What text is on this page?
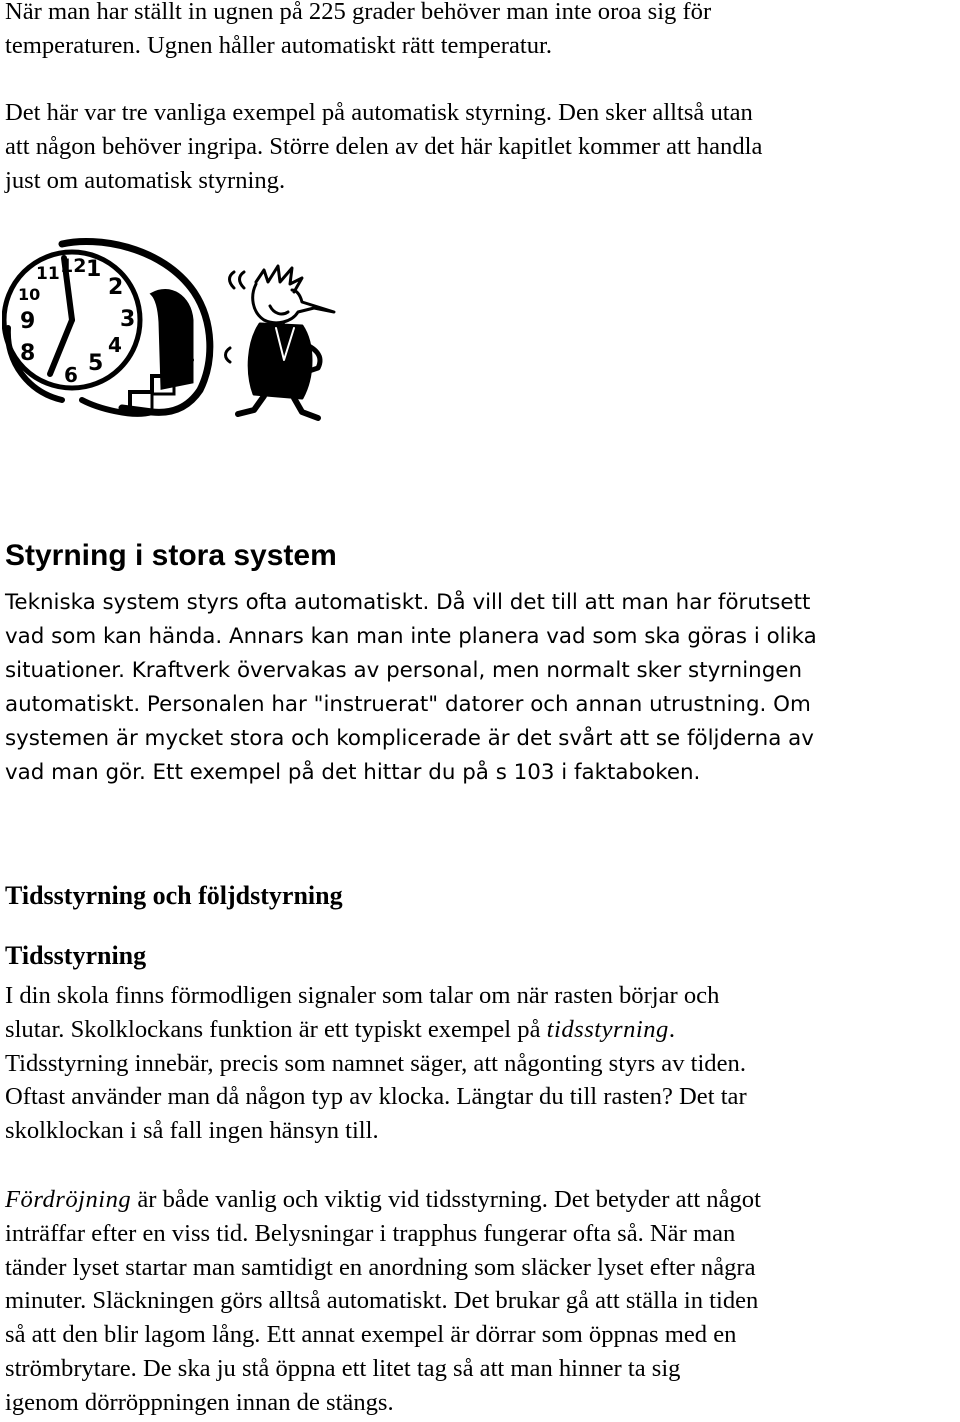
När man har ställt in ugnen på 225 grader behöver man inte oroa sig för
temperaturen. Ugnen håller automatiskt rätt temperatur.

Det här var tre vanliga exempel på automatisk styrning. Den sker alltså utan
att någon behöver ingripa. Större delen av det här kapitlet kommer att handla
just om automatisk styrning.

11 12 1
2
3
4
5
6
8
9
10
Styrning i stora system

Tekniska system styrs ofta automatiskt. Då vill det till att man har förutsett
vad som kan hända. Annars kan man inte planera vad som ska göras i olika
situationer. Kraftverk övervakas av personal, men normalt sker styrningen
automatiskt. Personalen har "instruerat" datorer och annan utrustning. Om
systemen är mycket stora och komplicerade är det svårt att se följderna av
vad man gör. Ett exempel på det hittar du på s 103 i faktaboken.

Tidsstyrning och följdstyrning
Tidsstyrning

I din skola finns förmodligen signaler som talar om när rasten börjar och
slutar. Skolklockans funktion är ett typiskt exempel på tidsstyrning.
Tidsstyrning innebär, precis som namnet säger, att någonting styrs av tiden.
Oftast använder man då någon typ av klocka. Längtar du till rasten? Det tar
skolklockan i så fall ingen hänsyn till.

Fördröjning är både vanlig och viktig vid tidsstyrning. Det betyder att något
inträffar efter en viss tid. Belysningar i trapphus fungerar ofta så. När man
tänder lyset startar man samtidigt en anordning som släcker lyset efter några
minuter. Släckningen görs alltså automatiskt. Det brukar gå att ställa in tiden
så att den blir lagom lång. Ett annat exempel är dörrar som öppnas med en
strömbrytare. De ska ju stå öppna ett litet tag så att man hinner ta sig
igenom dörröppningen innan de stängs.
